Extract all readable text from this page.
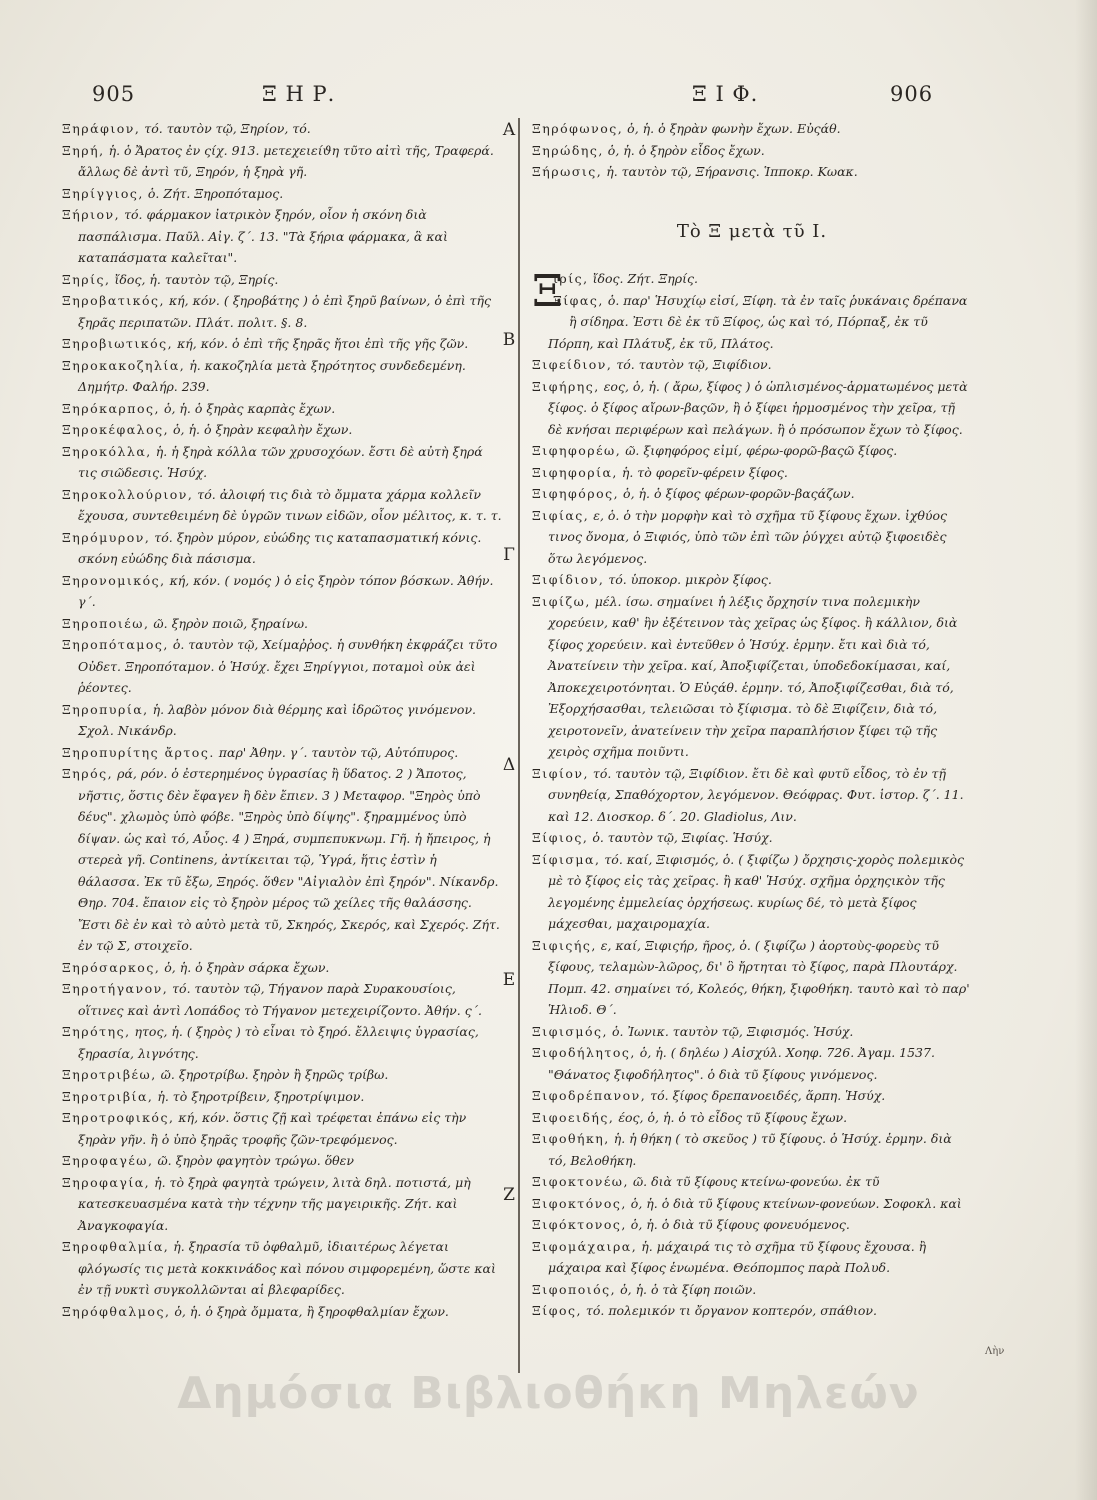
905	Ξ Η Ρ.	Ξ Ι Φ.	906

Ξηράφιον, τό. ταυτὸν τῷ, Ξηρίον, τό.

Ξηρή, ἡ. ὁ Ἄρατος ἐν ςίχ. 913. μετεχειείϑη τῦτο αἰτὶ τῆς, Τραφερά. ἄλλως δὲ ἀντὶ τῦ, Ξηρόν, ἡ ξηρὰ γῆ.

Ξηρίγγιος, ὁ. Ζήτ. Ξηροπόταμος.

Ξήριον, τό. φάρμακον ἰατρικὸν ξηρόν, οἷον ἡ σκόνη διὰ πασπάλισμα. Παῦλ. Αἰγ. ζ΄. 13. "Τὰ ξήρια φάρμακα, ἃ καὶ καταπάσματα καλεῖται".

Ξηρίς, ἴδος, ἡ. ταυτὸν τῷ, Ξηρίς.

Ξηροβατικός, κή, κόν. ( ξηροβάτης ) ὁ ἐπὶ ξηρῦ βαίνων, ὁ ἐπὶ τῆς ξηρᾶς περιπατῶν. Πλάτ. πολιτ. §. 8.

Ξηροβιωτικός, κή, κόν. ὁ ἐπὶ τῆς ξηρᾶς ἤτοι ἐπὶ τῆς γῆς ζῶν.

Ξηροκακοζηλία, ἡ. κακοζηλία μετὰ ξηρότητος συνδεδεμένη. Δημήτρ. Φαλήρ. 239.

Ξηρόκαρπος, ὁ, ἡ. ὁ ξηρὰς καρπὰς ἔχων.

Ξηροκέφαλος, ὁ, ἡ. ὁ ξηρὰν κεφαλὴν ἔχων.

Ξηροκόλλα, ἡ. ἡ ξηρὰ κόλλα τῶν χρυσοχόων. ἔστι δὲ αὐτὴ ξηρά τις σιῶδεσις. Ἡσύχ.

Ξηροκολλούριον, τό. ἀλοιφή τις διὰ τὸ ὄμματα χάρμα κολλεῖν ἔχουσα, συντεθειμένη δὲ ὑγρῶν τινων εἰδῶν, οἷον μέλιτος, κ. τ. τ.

Ξηρόμυρον, τό. ξηρὸν μύρον, εὐώδης τις καταπασματική κόνις. σκόνη εὐώδης διὰ πάσισμα.

Ξηρονομικός, κή, κόν. ( νομός ) ὁ εἰς ξηρὸν τόπον βόσκων. Ἀθήν. γ΄.

Ξηροποιέω, ῶ. ξηρὸν ποιῶ, ξηραίνω.

Ξηροπόταμος, ὁ. ταυτὸν τῷ, Χείμαῤῥος. ἡ συνθήκη ἐκφράζει τῦτο Οὐδετ. Ξηροπόταμον. ὁ Ἡσύχ. ἔχει Ξηρίγγιοι, ποταμοὶ οὐκ ἀεὶ ῥέοντες.

Ξηροπυρία, ἡ. λαβὸν μόνον διὰ θέρμης καὶ ἱδρῶτος γινόμενον. Σχολ. Νικάνδρ.

Ξηροπυρίτης ἄρτος. παρ' Ἀθην. γ΄. ταυτὸν τῷ, Αὐτόπυρος.

Ξηρός, ρά, ρόν. ὁ ἐστερημένος ὑγρασίας ἢ ὕδατος. 2 ) Ἄποτος, νῆστις, ὅστις δὲν ἔφαγεν ἢ δὲν ἔπιεν. 3 ) Μεταφορ. "Ξηρὸς ὑπὸ δέυς". χλωμὸς ὑπὸ φόβε. "Ξηρὸς ὑπὸ δίψης". ξηραμμένος ὑπὸ δίψαν. ὡς καὶ τό, Αὖος. 4 ) Ξηρά, συμπεπυκνωμ. Γῆ. ἡ ἤπειρος, ἡ στερεὰ γῆ. Continens, ἀντίκειται τῷ, Ὑγρά, ἥτις ἐστὶν ἡ θάλασσα. Ἐκ τῦ ἔξω, Ξηρός. ὅϑεν "Αἰγιαλὸν ἐπὶ ξηρόν". Νίκανδρ. Θηρ. 704. ἔπαιον εἰς τὸ ξηρὸν μέρος τῶ χείλες τῆς θαλάσσης. Ἔστι δὲ ἐν καὶ τὸ αὐτὸ μετὰ τῦ, Σκηρός, Σκερός, καὶ Σχερός. Ζήτ. ἐν τῷ Σ, στοιχεῖο.

Ξηρόσαρκος, ὁ, ἡ. ὁ ξηρὰν σάρκα ἔχων.

Ξηροτήγανον, τό. ταυτὸν τῷ, Τήγανον παρὰ Συρακουσίοις, οἵτινες καὶ ἀντὶ Λοπάδος τὸ Τήγανον μετεχειρίζοντο. Ἀθήν. ς΄.

Ξηρότης, ητος, ἡ. ( ξηρὸς ) τὸ εἶναι τὸ ξηρό. ἔλλειψις ὑγρασίας, ξηρασία, λιγνότης.

Ξηροτριβέω, ῶ. ξηροτρίβω. ξηρὸν ἢ ξηρῶς τρίβω.

Ξηροτριβία, ἡ. τὸ ξηροτρίβειν, ξηροτρίψιμον.

Ξηροτροφικός, κή, κόν. ὅστις ζῇ καὶ τρέφεται ἐπάνω εἰς τὴν ξηρὰν γῆν. ἢ ὁ ὑπὸ ξηρᾶς τροφῆς ζῶν-τρεφόμενος.

Ξηροφαγέω, ῶ. ξηρὸν φαγητὸν τρώγω. ὅθεν

Ξηροφαγία, ἡ. τὸ ξηρὰ φαγητὰ τρώγειν, λιτὰ δηλ. ποτιστά, μὴ κατεσκευασμένα κατὰ τὴν τέχνην τῆς μαγειρικῆς. Ζήτ. καὶ Ἀναγκοφαγία.

Ξηροφθαλμία, ἡ. ξηρασία τῦ ὀφθαλμῦ, ἰδιαιτέρως λέγεται φλόγωσίς τις μετὰ κοκκινάδος καὶ πόνου σιμφορεμένη, ὥστε καὶ ἐν τῇ νυκτὶ συγκολλῶνται αἱ βλεφαρίδες.

Ξηρόφθαλμος, ὁ, ἡ. ὁ ξηρὰ ὄμματα, ἢ ξηροφθαλμίαν ἔχων.

A
B
Γ
Δ
E
Z

Ξηρόφωνος, ὁ, ἡ. ὁ ξηρὰν φωνὴν ἔχων. Εὐςάθ.

Ξηρώδης, ὁ, ἡ. ὁ ξηρὸν εἶδος ἔχων.

Ξήρωσις, ἡ. ταυτὸν τῷ, Ξήρανσις. Ἱπποκρ. Κωακ.

Τὸ Ξ μετὰ τῦ Ι.
Ξ

ιρίς, ἴδος. Ζήτ. Ξηρίς.

Ξίφας, ὁ. παρ' Ἡσυχίῳ εἰσί, Ξίφη. τὰ ἐν ταῖς ῥυκάναις δρέπανα ἢ σίδηρα. Ἐστι δὲ ἐκ τῦ Ξίφος, ὡς καὶ τό, Πόρπαξ, ἐκ τῦ Πόρπη, καὶ Πλάτυξ, ἐκ τῦ, Πλάτος.

Ξιφείδιον, τό. ταυτὸν τῷ, Ξιφίδιον.

Ξιφήρης, εος, ὁ, ἡ. ( ἄρω, ξίφος ) ὁ ὡπλισμένος-ἁρματωμένος μετὰ ξίφος. ὁ ξίφος αἴρων-βαςῶν, ἢ ὁ ξίφει ἡρμοσμένος τὴν χεῖρα, τῇ δὲ κνήσαι περιφέρων καὶ πελάγων. ἢ ὁ πρόσωπον ἔχων τὸ ξίφος.

Ξιφηφορέω, ῶ. ξιφηφόρος εἰμί, φέρω-φορῶ-βαςῶ ξίφος.

Ξιφηφορία, ἡ. τὸ φορεῖν-φέρειν ξίφος.

Ξιφηφόρος, ὁ, ἡ. ὁ ξίφος φέρων-φορῶν-βαςάζων.

Ξιφίας, ε, ὁ. ὁ τὴν μορφὴν καὶ τὸ σχῆμα τῦ ξίφους ἔχων. ἰχθύος τινος ὄνομα, ὁ Ξιφιός, ὑπὸ τῶν ἐπὶ τῶν ῥύγχει αὐτῷ ξιφοειδὲς ὅτω λεγόμενος.

Ξιφίδιον, τό. ὑποκορ. μικρὸν ξίφος.

Ξιφίζω, μέλ. ίσω. σημαίνει ἡ λέξις ὄρχησίν τινα πολεμικὴν χορεύειν, καθ' ἣν ἐξέτεινον τὰς χεῖρας ὡς ξίφος. ἢ κάλλιον, διὰ ξίφος χορεύειν. καὶ ἐντεῦθεν ὁ Ἡσύχ. ἑρμην. ἔτι καὶ διὰ τό, Ἀνατείνειν τὴν χεῖρα. καί, Ἀποξιφίζεται, ὑποδεδοκίμασαι, καί, Ἀποκεχειροτόνηται. Ὁ Εὐςάθ. ἑρμην. τό, Ἀποξιφίζεσθαι, διὰ τό, Ἐξορχήσασθαι, τελειῶσαι τὸ ξίφισμα. τὸ δὲ Ξιφίζειν, διὰ τό, χειροτονεῖν, ἀνατείνειν τὴν χεῖρα παραπλήσιον ξίφει τῷ τῆς χειρὸς σχῆμα ποιῦντι.

Ξιφίον, τό. ταυτὸν τῷ, Ξιφίδιον. ἔτι δὲ καὶ φυτῦ εἶδος, τὸ ἐν τῇ συνηθείᾳ, Σπαθόχορτον, λεγόμενον. Θεόφρας. Φυτ. ἱστορ. ζ΄. 11. καὶ 12. Διοσκορ. δ΄. 20. Gladiolus, Λιν.

Ξίφιος, ὁ. ταυτὸν τῷ, Ξιφίας. Ἡσύχ.

Ξίφισμα, τό. καί, Ξιφισμός, ὁ. ( ξιφίζω ) ὄρχησις-χορὸς πολεμικὸς μὲ τὸ ξίφος εἰς τὰς χεῖρας. ἢ καθ' Ἡσύχ. σχῆμα ὀρχηςικὸν τῆς λεγομένης ἐμμελείας ὀρχήσεως. κυρίως δέ, τὸ μετὰ ξίφος μάχεσθαι, μαχαιρομαχία.

Ξιφιςής, ε, καί, Ξιφιςήρ, ῆρος, ὁ. ( ξιφίζω ) ἀορτοὺς-φορεὺς τῦ ξίφους, τελαμὼν-λῶρος, δι' ὃ ἤρτηται τὸ ξίφος, παρὰ Πλουτάρχ. Πομπ. 42. σημαίνει τό, Κολεός, θήκη, ξιφοθήκη. ταυτὸ καὶ τὸ παρ' Ἡλιοδ. Θ΄.

Ξιφισμός, ὁ. Ἰωνικ. ταυτὸν τῷ, Ξιφισμός. Ἡσύχ.

Ξιφοδήλητος, ὁ, ἡ. ( δηλέω ) Αἰσχύλ. Χοηφ. 726. Ἀγαμ. 1537. "Θάνατος ξιφοδήλητος". ὁ διὰ τῦ ξίφους γινόμενος.

Ξιφοδρέπανον, τό. ξίφος δρεπανοειδές, ἅρπη. Ἡσύχ.

Ξιφοειδής, έος, ὁ, ἡ. ὁ τὸ εἶδος τῦ ξίφους ἔχων.

Ξιφοθήκη, ἡ. ἡ θήκη ( τὸ σκεῦος ) τῦ ξίφους. ὁ Ἡσύχ. ἑρμην. διὰ τό, Βελοθήκη.

Ξιφοκτονέω, ῶ. διὰ τῦ ξίφους κτείνω-φονεύω. ἐκ τῦ

Ξιφοκτόνος, ὁ, ἡ. ὁ διὰ τῦ ξίφους κτείνων-φονεύων. Σοφοκλ. καὶ

Ξιφόκτονος, ὁ, ἡ. ὁ διὰ τῦ ξίφους φονευόμενος.

Ξιφομάχαιρα, ἡ. μάχαιρά τις τὸ σχῆμα τῦ ξίφους ἔχουσα. ἢ μάχαιρα καὶ ξίφος ἑνωμένα. Θεόπομπος παρὰ Πολυδ.

Ξιφοποιός, ὁ, ἡ. ὁ τὰ ξίφη ποιῶν.

Ξίφος, τό. πολεμικόν τι ὄργανον κοπτερόν, σπάθιον.

Λὴν
Δημόσια Βιβλιοθήκη Μηλεών
